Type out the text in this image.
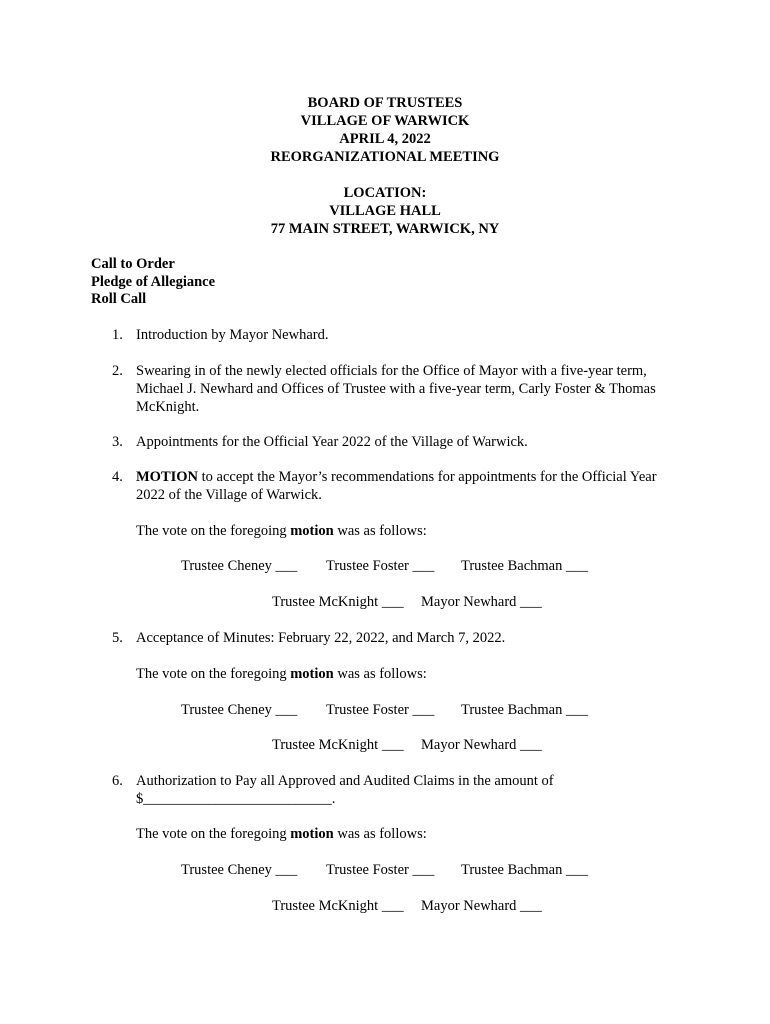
BOARD OF TRUSTEES
VILLAGE OF WARWICK
APRIL 4, 2022
REORGANIZATIONAL MEETING
LOCATION:
VILLAGE HALL
77 MAIN STREET, WARWICK, NY
Call to Order
Pledge of Allegiance
Roll Call
1. Introduction by Mayor Newhard.
2. Swearing in of the newly elected officials for the Office of Mayor with a five-year term, Michael J. Newhard and Offices of Trustee with a five-year term, Carly Foster & Thomas McKnight.
3. Appointments for the Official Year 2022 of the Village of Warwick.
4. MOTION to accept the Mayor’s recommendations for appointments for the Official Year 2022 of the Village of Warwick.
The vote on the foregoing motion was as follows:
Trustee Cheney ___ Trustee Foster ___ Trustee Bachman ___
Trustee McKnight ___ Mayor Newhard ___
5. Acceptance of Minutes: February 22, 2022, and March 7, 2022.
The vote on the foregoing motion was as follows:
Trustee Cheney ___ Trustee Foster ___ Trustee Bachman ___
Trustee McKnight ___ Mayor Newhard ___
6. Authorization to Pay all Approved and Audited Claims in the amount of
$__________________________.
The vote on the foregoing motion was as follows:
Trustee Cheney ___ Trustee Foster ___ Trustee Bachman ___
Trustee McKnight ___ Mayor Newhard ___
